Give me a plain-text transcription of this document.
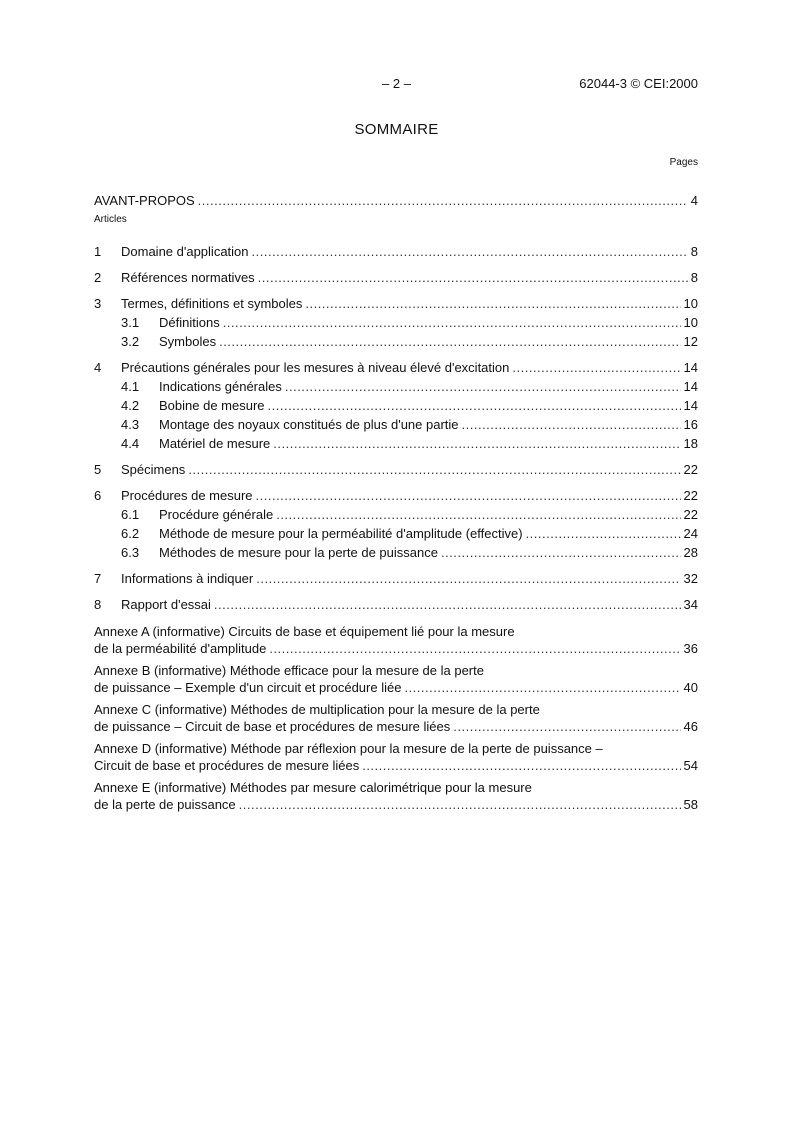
– 2 –	62044-3 © CEI:2000
SOMMAIRE
Pages
AVANT-PROPOS .....	4
Articles
1	Domaine d'application .....	8
2	Références normatives .....	8
3	Termes, définitions et symboles .....	10
3.1	Définitions .....	10
3.2	Symboles .....	12
4	Précautions générales pour les mesures à niveau élevé d'excitation .....	14
4.1	Indications générales .....	14
4.2	Bobine de mesure .....	14
4.3	Montage des noyaux constitués de plus d'une partie .....	16
4.4	Matériel de mesure .....	18
5	Spécimens .....	22
6	Procédures de mesure .....	22
6.1	Procédure générale .....	22
6.2	Méthode de mesure pour la perméabilité d'amplitude (effective) .....	24
6.3	Méthodes de mesure pour la perte de puissance .....	28
7	Informations à indiquer .....	32
8	Rapport d'essai .....	34
Annexe A (informative) Circuits de base et équipement lié pour la mesure
de la perméabilité d'amplitude .....	36
Annexe B (informative) Méthode efficace pour la mesure de la perte
de puissance – Exemple d'un circuit et procédure liée .....	40
Annexe C (informative) Méthodes de multiplication pour la mesure de la perte
de puissance – Circuit de base et procédures de mesure liées .....	46
Annexe D (informative) Méthode par réflexion pour la mesure de la perte de puissance –
Circuit de base et procédures de mesure liées .....	54
Annexe E (informative) Méthodes par mesure calorimétrique pour la mesure
de la perte de puissance .....	58
